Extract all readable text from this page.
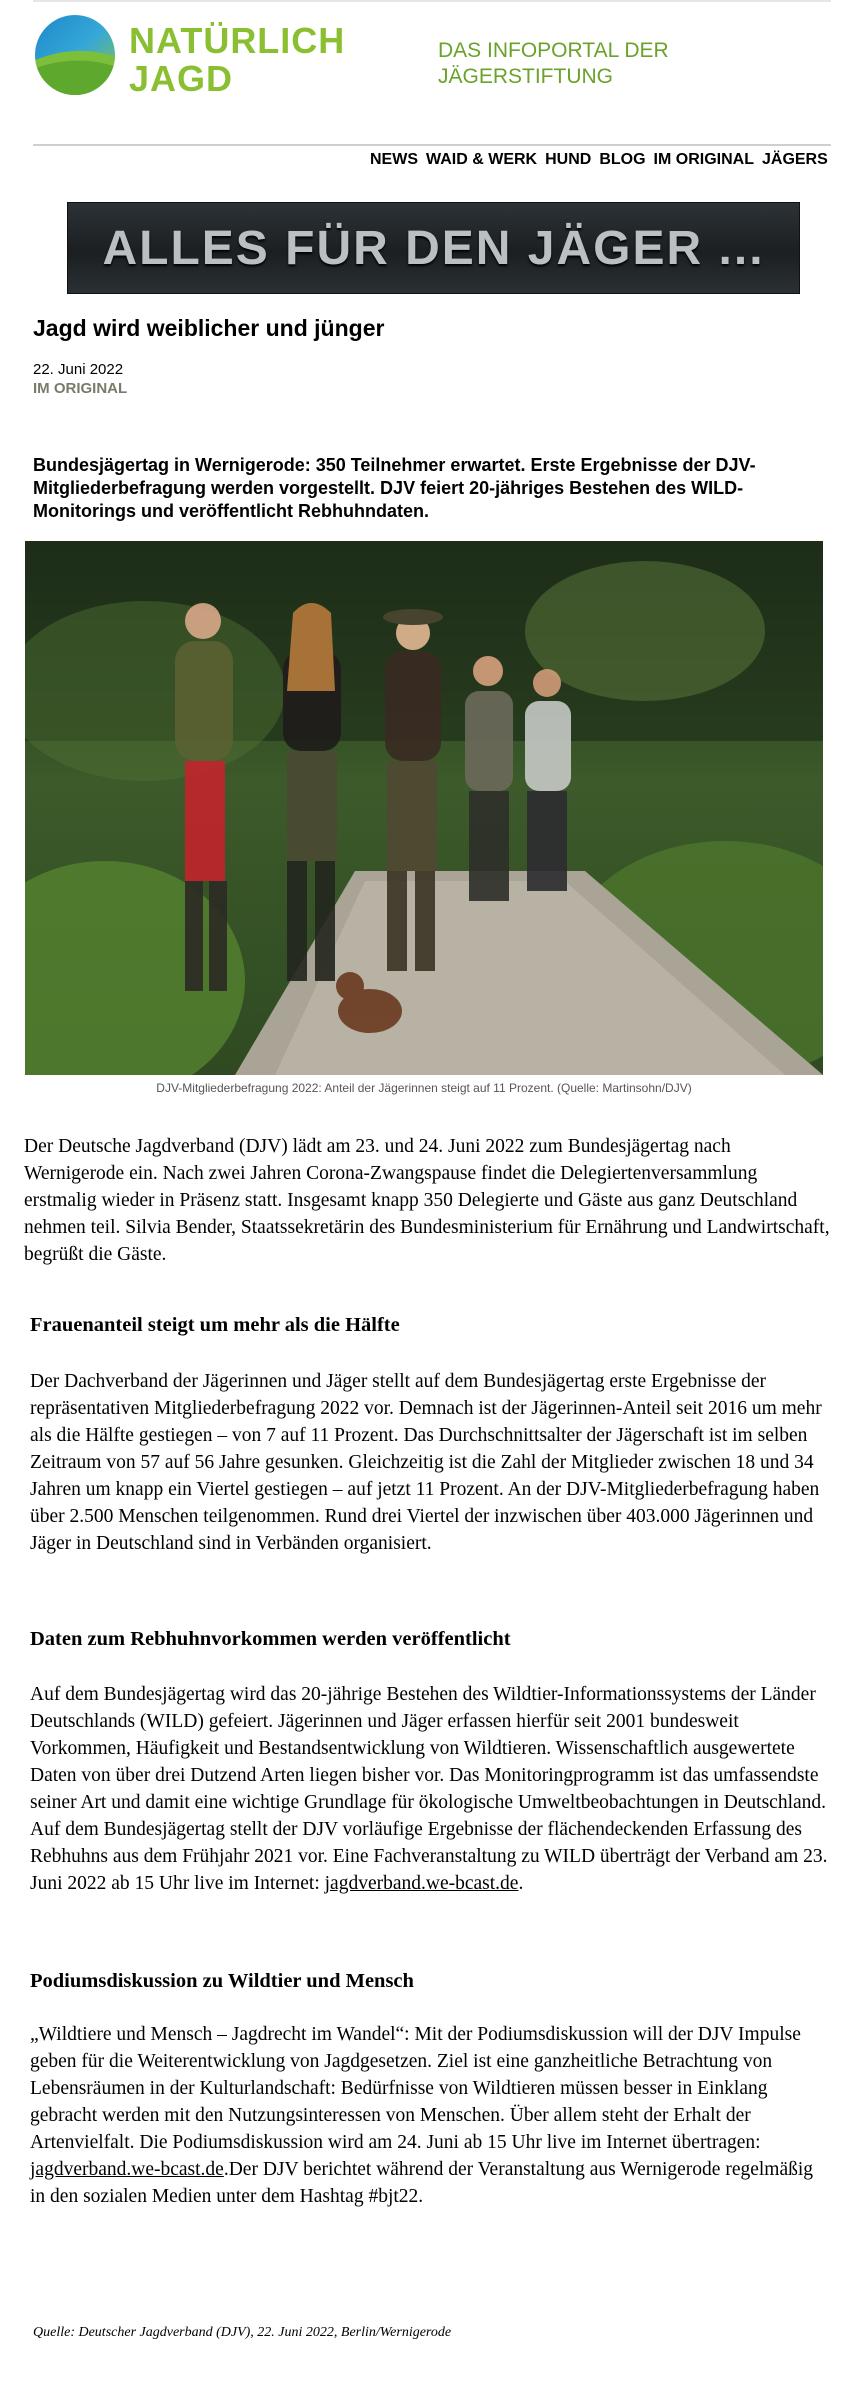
NATÜRLICH
JAGD
DAS INFOPORTAL DER JÄGERSTIFTUNG
NEWS WAID & WERK HUND BLOG IM ORIGINAL JÄGERS
ALLES FÜR DEN JÄGER ...
Jagd wird weiblicher und jünger
22. Juni 2022
IM ORIGINAL

Bundesjägertag in Wernigerode: 350 Teilnehmer erwartet. Erste Ergebnisse der DJV-Mitgliederbefragung werden vorgestellt. DJV feiert 20-jähriges Bestehen des WILD-Monitorings und veröffentlicht Rebhuhndaten.

DJV-Mitgliederbefragung 2022: Anteil der Jägerinnen steigt auf 11 Prozent. (Quelle: Martinsohn/DJV)

Der Deutsche Jagdverband (DJV) lädt am 23. und 24. Juni 2022 zum Bundesjägertag nach Wernigerode ein. Nach zwei Jahren Corona-Zwangspause findet die Delegiertenversammlung erstmalig wieder in Präsenz statt. Insgesamt knapp 350 Delegierte und Gäste aus ganz Deutschland nehmen teil. Silvia Bender, Staatssekretärin des Bundesministerium für Ernährung und Landwirtschaft, begrüßt die Gäste.

Frauenanteil steigt um mehr als die Hälfte

Der Dachverband der Jägerinnen und Jäger stellt auf dem Bundesjägertag erste Ergebnisse der repräsentativen Mitgliederbefragung 2022 vor. Demnach ist der Jägerinnen-Anteil seit 2016 um mehr als die Hälfte gestiegen – von 7 auf 11 Prozent. Das Durchschnittsalter der Jägerschaft ist im selben Zeitraum von 57 auf 56 Jahre gesunken. Gleichzeitig ist die Zahl der Mitglieder zwischen 18 und 34 Jahren um knapp ein Viertel gestiegen – auf jetzt 11 Prozent. An der DJV-Mitgliederbefragung haben über 2.500 Menschen teilgenommen. Rund drei Viertel der inzwischen über 403.000 Jägerinnen und Jäger in Deutschland sind in Verbänden organisiert.

Daten zum Rebhuhnvorkommen werden veröffentlicht

Auf dem Bundesjägertag wird das 20-jährige Bestehen des Wildtier-Informationssystems der Länder Deutschlands (WILD) gefeiert. Jägerinnen und Jäger erfassen hierfür seit 2001 bundesweit Vorkommen, Häufigkeit und Bestandsentwicklung von Wildtieren. Wissenschaftlich ausgewertete Daten von über drei Dutzend Arten liegen bisher vor. Das Monitoringprogramm ist das umfassendste seiner Art und damit eine wichtige Grundlage für ökologische Umweltbeobachtungen in Deutschland. Auf dem Bundesjägertag stellt der DJV vorläufige Ergebnisse der flächendeckenden Erfassung des Rebhuhns aus dem Frühjahr 2021 vor. Eine Fachveranstaltung zu WILD überträgt der Verband am 23. Juni 2022 ab 15 Uhr live im Internet: jagdverband.we-bcast.de.

Podiumsdiskussion zu Wildtier und Mensch

„Wildtiere und Mensch – Jagdrecht im Wandel“: Mit der Podiumsdiskussion will der DJV Impulse geben für die Weiterentwicklung von Jagdgesetzen. Ziel ist eine ganzheitliche Betrachtung von Lebensräumen in der Kulturlandschaft: Bedürfnisse von Wildtieren müssen besser in Einklang gebracht werden mit den Nutzungsinteressen von Menschen. Über allem steht der Erhalt der Artenvielfalt. Die Podiumsdiskussion wird am 24. Juni ab 15 Uhr live im Internet übertragen: jagdverband.we-bcast.de.Der DJV berichtet während der Veranstaltung aus Wernigerode regelmäßig in den sozialen Medien unter dem Hashtag #bjt22.

Quelle: Deutscher Jagdverband (DJV), 22. Juni 2022, Berlin/Wernigerode
